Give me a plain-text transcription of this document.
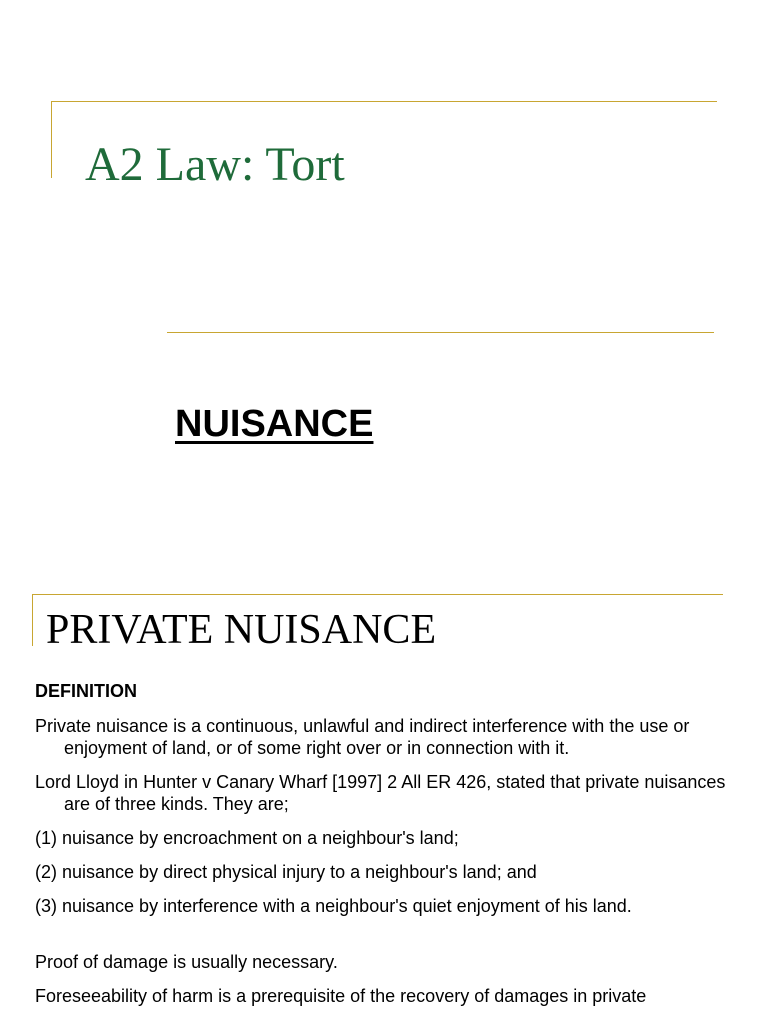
A2 Law: Tort
NUISANCE
PRIVATE NUISANCE

DEFINITION

Private nuisance is a continuous, unlawful and indirect interference with the use or enjoyment of land, or of some right over or in connection with it.

Lord Lloyd in Hunter v Canary Wharf [1997] 2 All ER 426, stated that private nuisances are of three kinds. They are;

(1) nuisance by encroachment on a neighbour's land;

(2) nuisance by direct physical injury to a neighbour's land; and

(3) nuisance by interference with a neighbour's quiet enjoyment of his land.

Proof of damage is usually necessary.

Foreseeability of harm is a prerequisite of the recovery of damages in private
